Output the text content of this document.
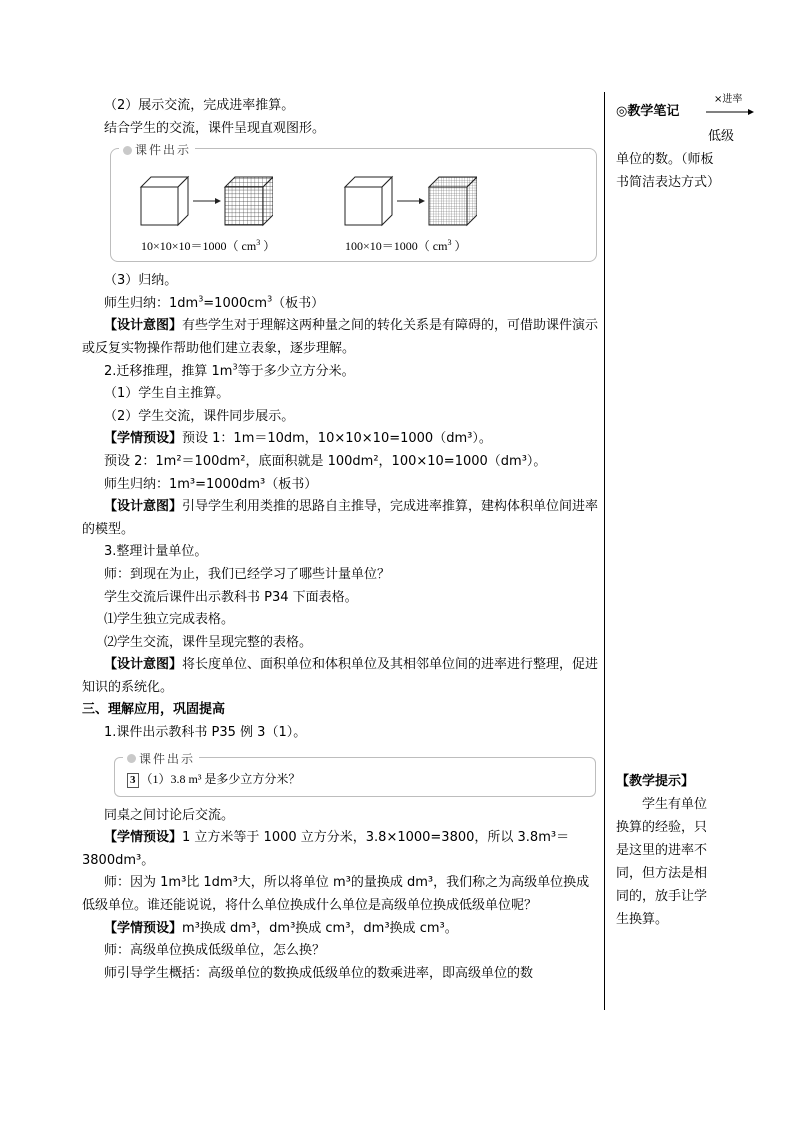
（2）展示交流，完成进率推算。

结合学生的交流，课件呈现直观图形。

课件出示
10×10×10＝1000（ $cm^3$ ）	100×10＝1000（ $cm^3$ ）

（3）归纳。

师生归纳：$1dm^3=1000cm^3$（板书）

【设计意图】有些学生对于理解这两种量之间的转化关系是有障碍的，可借助课件演示或反复实物操作帮助他们建立表象，逐步理解。

2.迁移推理，推算 $1m^3$等于多少立方分米。

（1）学生自主推算。

（2）学生交流，课件同步展示。

【学情预设】预设 1：1m＝10dm，10×10×10=1000（dm³）。

预设 2：1m²＝100dm²，底面积就是 100dm²，100×10=1000（dm³）。

师生归纳：1m³=1000dm³（板书）

【设计意图】引导学生利用类推的思路自主推导，完成进率推算，建构体积单位间进率的模型。

3.整理计量单位。

师：到现在为止，我们已经学习了哪些计量单位？

学生交流后课件出示教科书 P34 下面表格。

⑴学生独立完成表格。

⑵学生交流，课件呈现完整的表格。

【设计意图】将长度单位、面积单位和体积单位及其相邻单位间的进率进行整理，促进知识的系统化。

三、理解应用，巩固提高

1.课件出示教科书 P35 例 3（1）。

课件出示
3 （1）3.8 m³ 是多少立方分米？

同桌之间讨论后交流。

【学情预设】1 立方米等于 1000 立方分米，3.8×1000=3800，所以 3.8m³＝3800dm³。

师：因为 1m³比 1dm³大，所以将单位 m³的量换成 dm³，我们称之为高级单位换成低级单位。谁还能说说，将什么单位换成什么单位是高级单位换成低级单位呢？

【学情预设】m³换成 dm³，dm³换成 cm³，dm³换成 cm³。

师：高级单位换成低级单位，怎么换？

师引导学生概括：高级单位的数换成低级单位的数乘进率，即高级单位的数

◎教学笔记
×进率
低级
单位的数。（师板
书简洁表达方式）
【教学提示】
学生有单位
换算的经验，只
是这里的进率不
同，但方法是相
同的，放手让学
生换算。
